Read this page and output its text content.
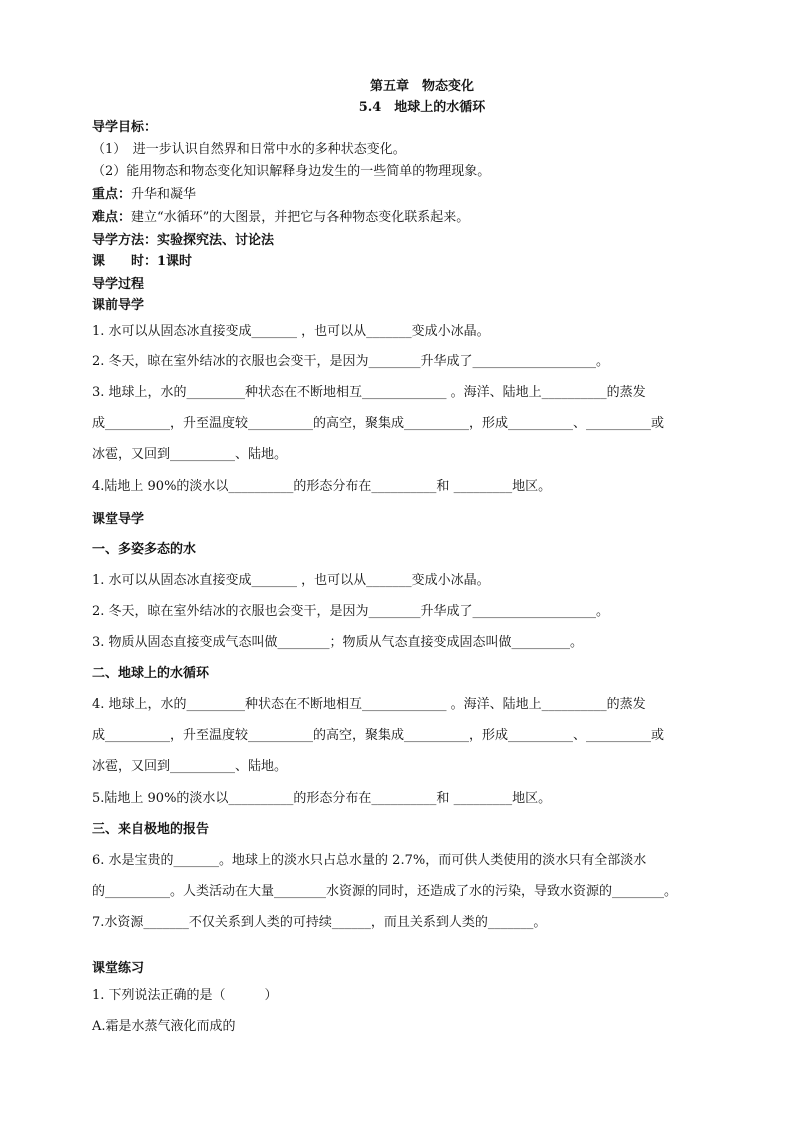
第五章　物态变化
5.4　地球上的水循环
导学目标：
（1）　进一步认识自然界和日常中水的多种状态变化。
（2）能用物态和物态变化知识解释身边发生的一些简单的物理现象。
重点：升华和凝华
难点：建立“水循环”的大图景，并把它与各种物态变化联系起来。
导学方法：实验探究法、讨论法
课　　时：1课时
导学过程
课前导学
1. 水可以从固态冰直接变成_______ ，也可以从_______变成小冰晶。
2. 冬天，晾在室外结冰的衣服也会变干，是因为________升华成了___________________。
3. 地球上，水的_________种状态在不断地相互_____________ 。海洋、陆地上__________的蒸发
成__________，升至温度较__________的高空，聚集成__________，形成__________、__________或
冰雹，又回到__________、陆地。
4.陆地上 90%的淡水以__________的形态分布在__________和 _________地区。
课堂导学
一、多姿多态的水
1. 水可以从固态冰直接变成_______ ，也可以从_______变成小冰晶。
2. 冬天，晾在室外结冰的衣服也会变干，是因为________升华成了___________________。
3. 物质从固态直接变成气态叫做________；物质从气态直接变成固态叫做_________。
二、地球上的水循环
4. 地球上，水的_________种状态在不断地相互_____________ 。海洋、陆地上__________的蒸发
成__________，升至温度较__________的高空，聚集成__________，形成__________、__________或
冰雹，又回到__________、陆地。
5.陆地上 90%的淡水以__________的形态分布在__________和 _________地区。
三、来自极地的报告
6. 水是宝贵的_______。地球上的淡水只占总水量的 2.7%，而可供人类使用的淡水只有全部淡水
的__________。人类活动在大量________水资源的同时，还造成了水的污染，导致水资源的________。
7.水资源_______不仅关系到人类的可持续______，而且关系到人类的_______。
课堂练习
1. 下列说法正确的是（　　　）
A.霜是水蒸气液化而成的
